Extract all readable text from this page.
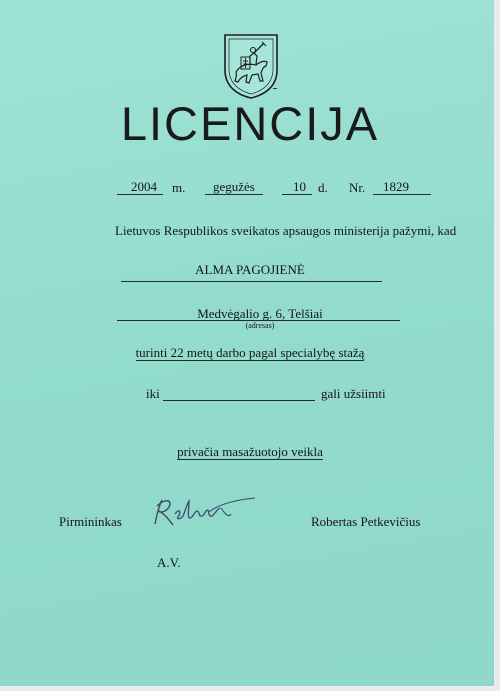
LICENCIJA
2004 m. gegužės	10 d. Nr. 1829
Lietuvos Respublikos sveikatos apsaugos ministerija pažymi, kad
ALMA PAGOJIENĖ
Medvėgalio g. 6, Telšiai
(adresas)
turinti 22 metų darbo pagal specialybę stažą
iki	gali užsiimti
privačia masažuotojo veikla
Pirmininkas	Robertas Petkevičius
A.V.
